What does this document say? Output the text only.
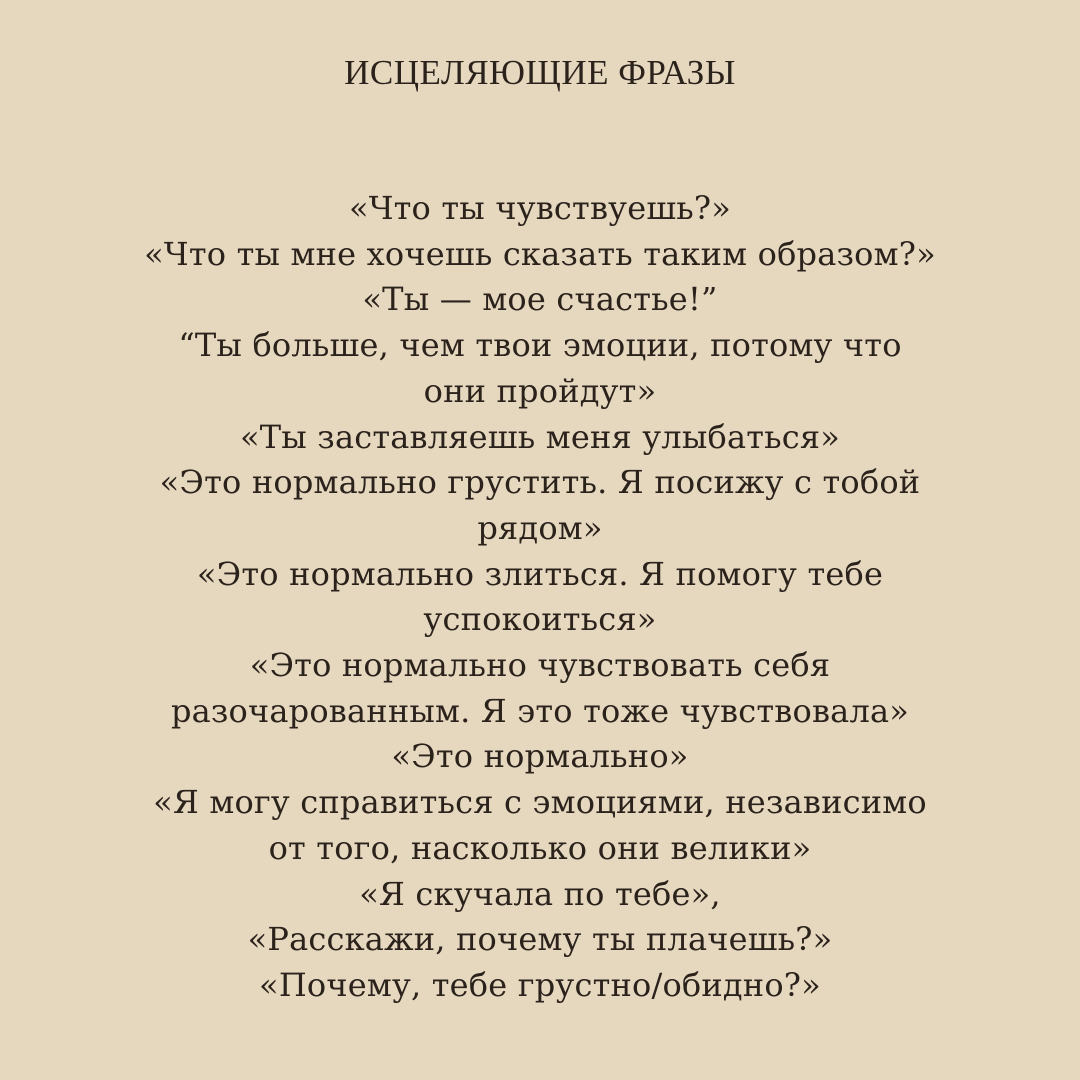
ИСЦЕЛЯЮЩИЕ ФРАЗЫ
«Что ты чувствуешь?»
«Что ты мне хочешь сказать таким образом?»
«Ты — мое счастье!”
“Ты больше, чем твои эмоции, потому что
они пройдут»
«Ты заставляешь меня улыбаться»
«Это нормально грустить. Я посижу с тобой
рядом»
«Это нормально злиться. Я помогу тебе
успокоиться»
«Это нормально чувствовать себя
разочарованным. Я это тоже чувствовала»
«Это нормально»
«Я могу справиться с эмоциями, независимо
от того, насколько они велики»
«Я скучала по тебе»,
«Расскажи, почему ты плачешь?»
«Почему, тебе грустно/обидно?»
